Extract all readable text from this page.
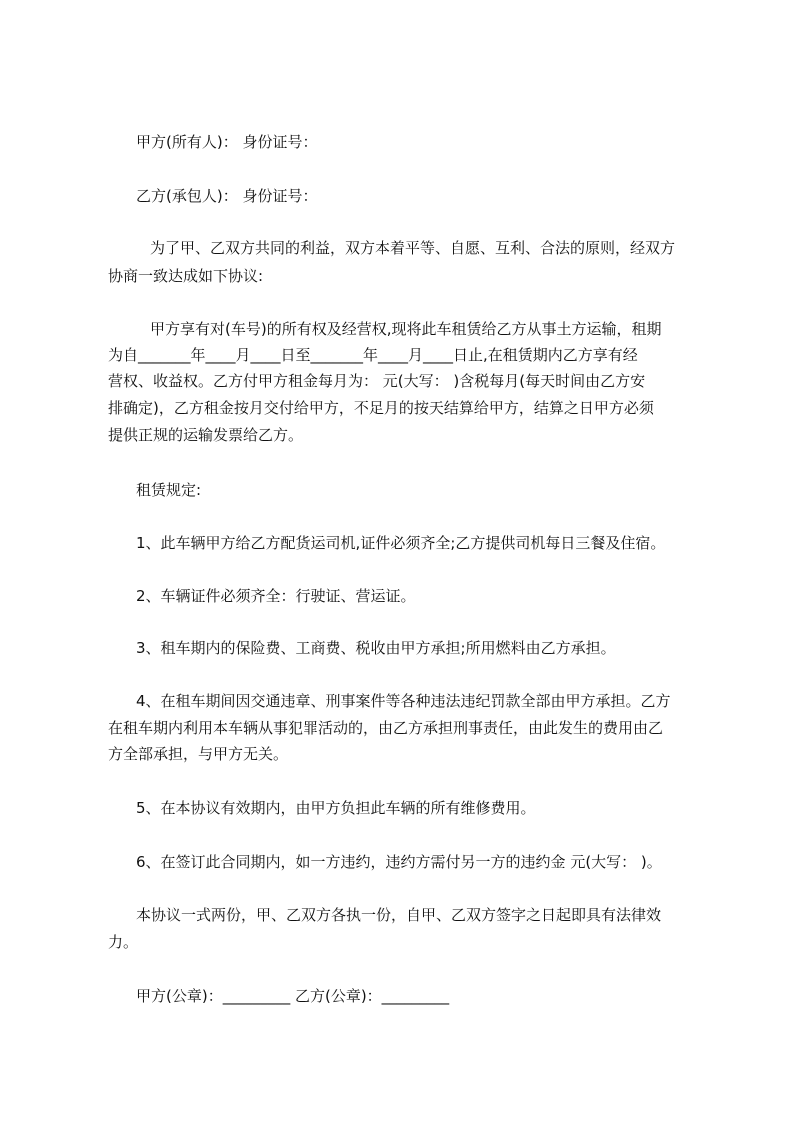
甲方(所有人)： 身份证号：
乙方(承包人)： 身份证号：
为了甲、乙双方共同的利益，双方本着平等、自愿、互利、合法的原则，经双方
协商一致达成如下协议:
甲方享有对(车号)的所有权及经营权,现将此车租赁给乙方从事土方运输，租期
为自_______年____月____日至_______年____月____日止,在租赁期内乙方享有经
营权、收益权。乙方付甲方租金每月为： 元(大写： )含税每月(每天时间由乙方安
排确定)，乙方租金按月交付给甲方，不足月的按天结算给甲方，结算之日甲方必须
提供正规的运输发票给乙方。
租赁规定:
1、此车辆甲方给乙方配货运司机,证件必须齐全;乙方提供司机每日三餐及住宿。
2、车辆证件必须齐全：行驶证、营运证。
3、租车期内的保险费、工商费、税收由甲方承担;所用燃料由乙方承担。
4、在租车期间因交通违章、刑事案件等各种违法违纪罚款全部由甲方承担。乙方
在租车期内利用本车辆从事犯罪活动的，由乙方承担刑事责任，由此发生的费用由乙
方全部承担，与甲方无关。
5、在本协议有效期内，由甲方负担此车辆的所有维修费用。
6、在签订此合同期内，如一方违约，违约方需付另一方的违约金 元(大写： )。
本协议一式两份，甲、乙双方各执一份，自甲、乙双方签字之日起即具有法律效
力。
甲方(公章)：_________ 乙方(公章)：_________
